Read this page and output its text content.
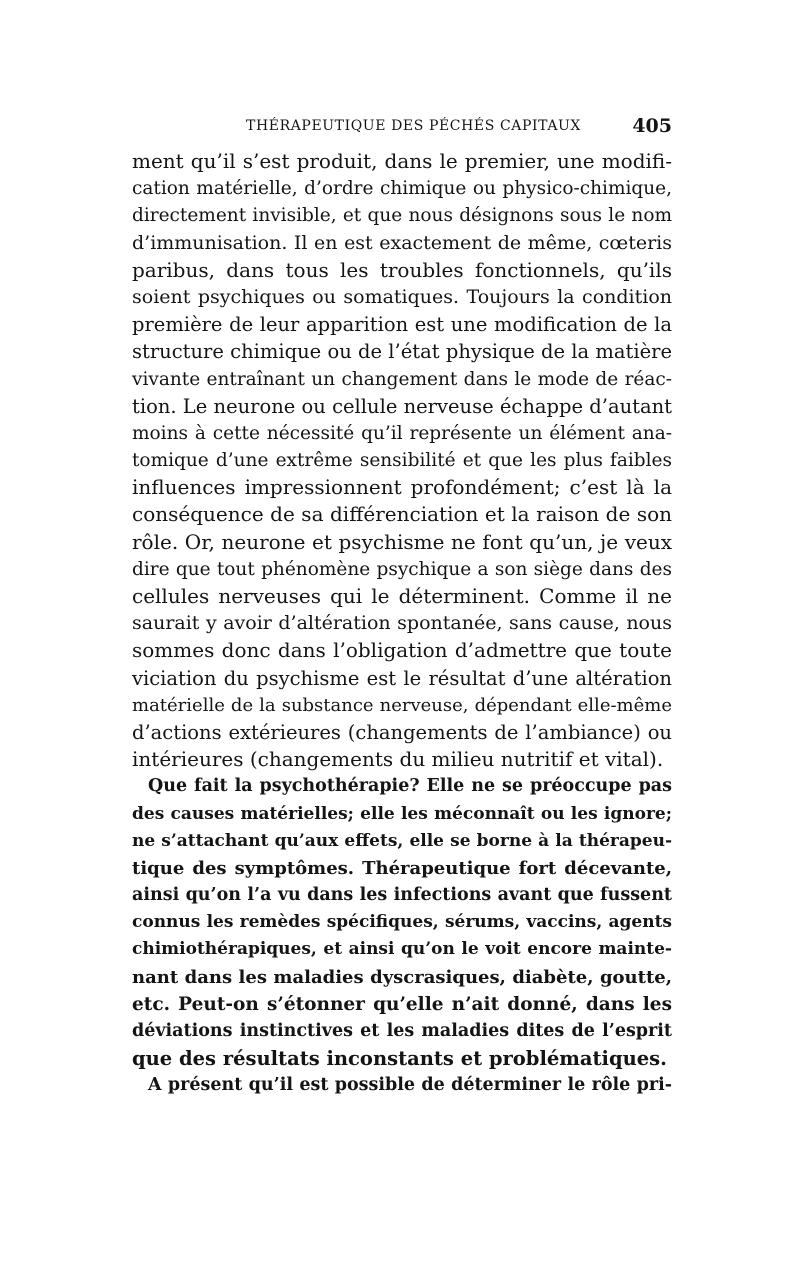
THÉRAPEUTIQUE DES PÉCHÉS CAPITAUX	405
ment qu’il s’est produit, dans le premier, une modifi-
cation matérielle, d’ordre chimique ou physico-chimique,
directement invisible, et que nous désignons sous le nom
d’immunisation. Il en est exactement de même, cœteris
paribus, dans tous les troubles fonctionnels, qu’ils
soient psychiques ou somatiques. Toujours la condition
première de leur apparition est une modification de la
structure chimique ou de l’état physique de la matière
vivante entraînant un changement dans le mode de réac-
tion. Le neurone ou cellule nerveuse échappe d’autant
moins à cette nécessité qu’il représente un élément ana-
tomique d’une extrême sensibilité et que les plus faibles
influences impressionnent profondément; c’est là la
conséquence de sa différenciation et la raison de son
rôle. Or, neurone et psychisme ne font qu’un, je veux
dire que tout phénomène psychique a son siège dans des
cellules nerveuses qui le déterminent. Comme il ne
saurait y avoir d’altération spontanée, sans cause, nous
sommes donc dans l’obligation d’admettre que toute
viciation du psychisme est le résultat d’une altération
matérielle de la substance nerveuse, dépendant elle-même
d’actions extérieures (changements de l’ambiance) ou
intérieures (changements du milieu nutritif et vital).
Que fait la psychothérapie? Elle ne se préoccupe pas
des causes matérielles; elle les méconnaît ou les ignore;
ne s’attachant qu’aux effets, elle se borne à la thérapeu-
tique des symptômes. Thérapeutique fort décevante,
ainsi qu’on l’a vu dans les infections avant que fussent
connus les remèdes spécifiques, sérums, vaccins, agents
chimiothérapiques, et ainsi qu’on le voit encore mainte-
nant dans les maladies dyscrasiques, diabète, goutte,
etc. Peut-on s’étonner qu’elle n’ait donné, dans les
déviations instinctives et les maladies dites de l’esprit
que des résultats inconstants et problématiques.
A présent qu’il est possible de déterminer le rôle pri-
